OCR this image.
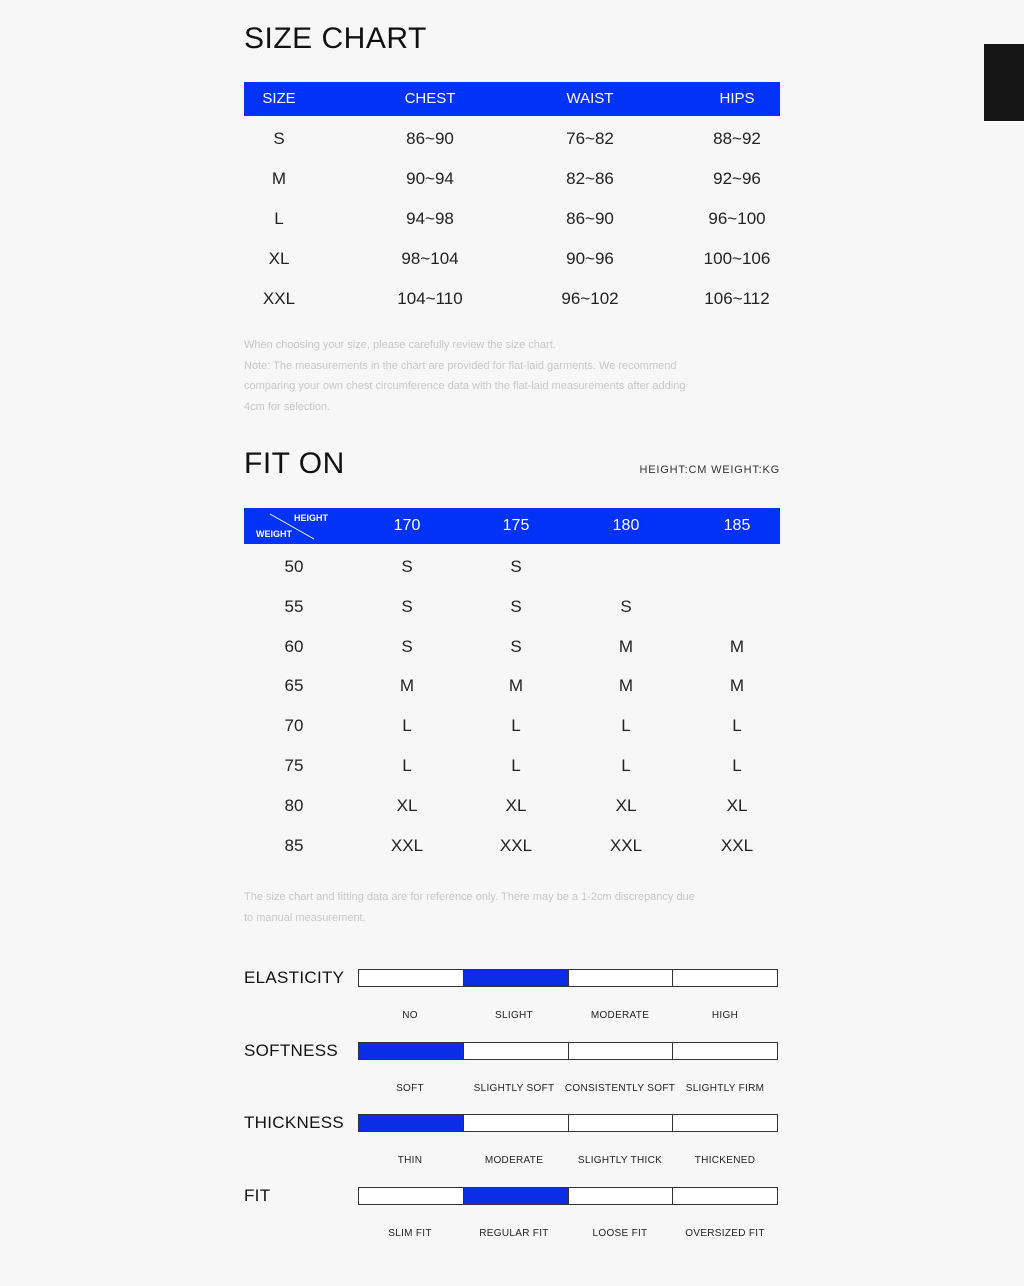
SIZE CHART
SIZE	CHEST	WAIST	HIPS
S	86~90	76~82	88~92
M	90~94	82~86	92~96
L	94~98	86~90	96~100
XL	98~104	90~96	100~106
XXL	104~110	96~102	106~112

When choosing your size, please carefully review the size chart.

Note: The measurements in the chart are provided for flat-laid garments. We recommend

comparing your own chest circumference data with the flat-laid measurements after adding

4cm for selection.

FIT ON	HEIGHT:CM WEIGHT:KG
HEIGHT
WEIGHT	170	175	180	185
50	S	S
55	S	S	S
60	S	S	M	M
65	M	M	M	M
70	L	L	L	L
75	L	L	L	L
80	XL	XL	XL	XL
85	XXL	XXL	XXL	XXL

The size chart and fitting data are for reference only. There may be a 1-2cm discrepancy due

to manual measurement.

ELASTICITY
NO	SLIGHT	MODERATE	HIGH
SOFTNESS
SOFT	SLIGHTLY SOFT CONSISTENTLY SOFT SLIGHTLY FIRM
THICKNESS
THIN	MODERATE	SLIGHTLY THICK	THICKENED
FIT
SLIM FIT	REGULAR FIT	LOOSE FIT	OVERSIZED FIT
